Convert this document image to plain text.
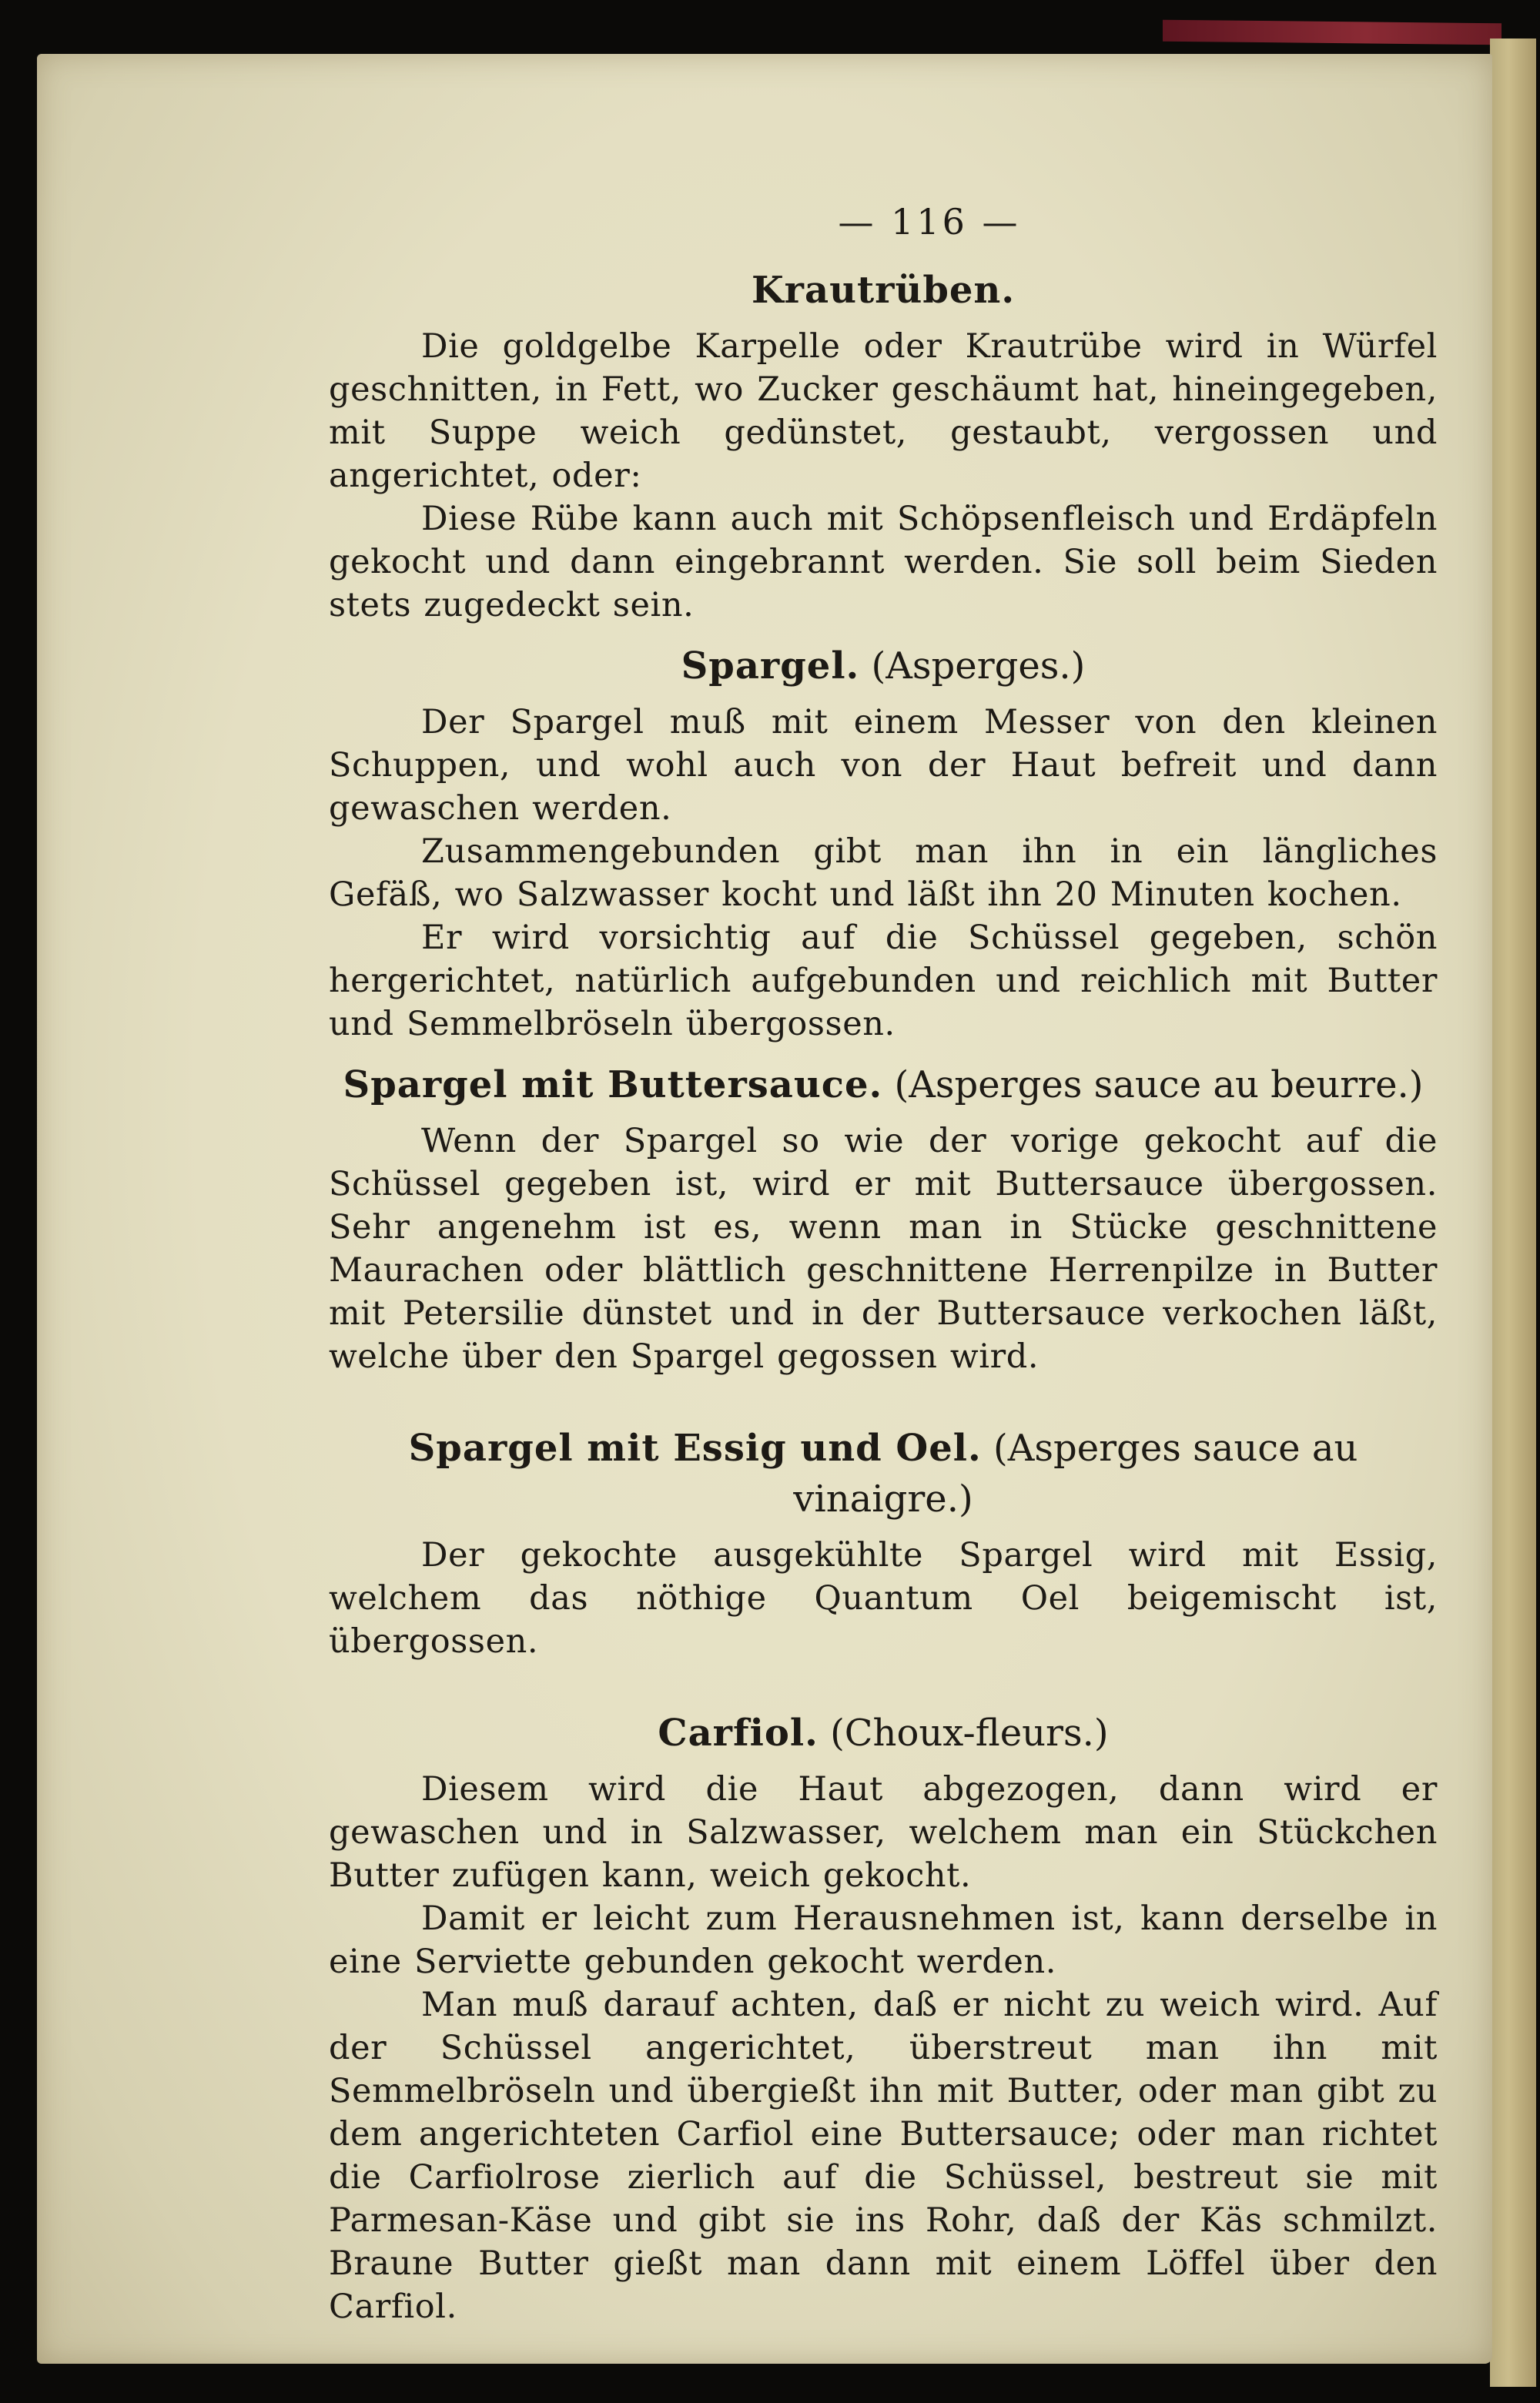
— 116 —
Krautrüben.

Die goldgelbe Karpelle oder Krautrübe wird in Würfel geschnitten, in Fett, wo Zucker geschäumt hat, hineingegeben, mit Suppe weich gedünstet, gestaubt, vergossen und angerichtet, oder:

Diese Rübe kann auch mit Schöpsenfleisch und Erdäpfeln gekocht und dann eingebrannt werden. Sie soll beim Sieden stets zugedeckt sein.

Spargel. (Asperges.)

Der Spargel muß mit einem Messer von den kleinen Schuppen, und wohl auch von der Haut befreit und dann gewaschen werden.

Zusammengebunden gibt man ihn in ein längliches Gefäß, wo Salzwasser kocht und läßt ihn 20 Minuten kochen.

Er wird vorsichtig auf die Schüssel gegeben, schön hergerichtet, natürlich aufgebunden und reichlich mit Butter und Semmelbröseln übergossen.

Spargel mit Buttersauce. (Asperges sauce au beurre.)

Wenn der Spargel so wie der vorige gekocht auf die Schüssel gegeben ist, wird er mit Buttersauce übergossen. Sehr angenehm ist es, wenn man in Stücke geschnittene Maurachen oder blättlich geschnittene Herrenpilze in Butter mit Petersilie dünstet und in der Buttersauce verkochen läßt, welche über den Spargel gegossen wird.

Spargel mit Essig und Oel. (Asperges sauce au vinaigre.)

Der gekochte ausgekühlte Spargel wird mit Essig, welchem das nöthige Quantum Oel beigemischt ist, übergossen.

Carfiol. (Choux-fleurs.)

Diesem wird die Haut abgezogen, dann wird er gewaschen und in Salzwasser, welchem man ein Stückchen Butter zufügen kann, weich gekocht.

Damit er leicht zum Herausnehmen ist, kann derselbe in eine Serviette gebunden gekocht werden.

Man muß darauf achten, daß er nicht zu weich wird. Auf der Schüssel angerichtet, überstreut man ihn mit Semmelbröseln und übergießt ihn mit Butter, oder man gibt zu dem angerichteten Carfiol eine Buttersauce; oder man richtet die Carfiolrose zierlich auf die Schüssel, bestreut sie mit Parmesan-Käse und gibt sie ins Rohr, daß der Käs schmilzt. Braune Butter gießt man dann mit einem Löffel über den Carfiol.
